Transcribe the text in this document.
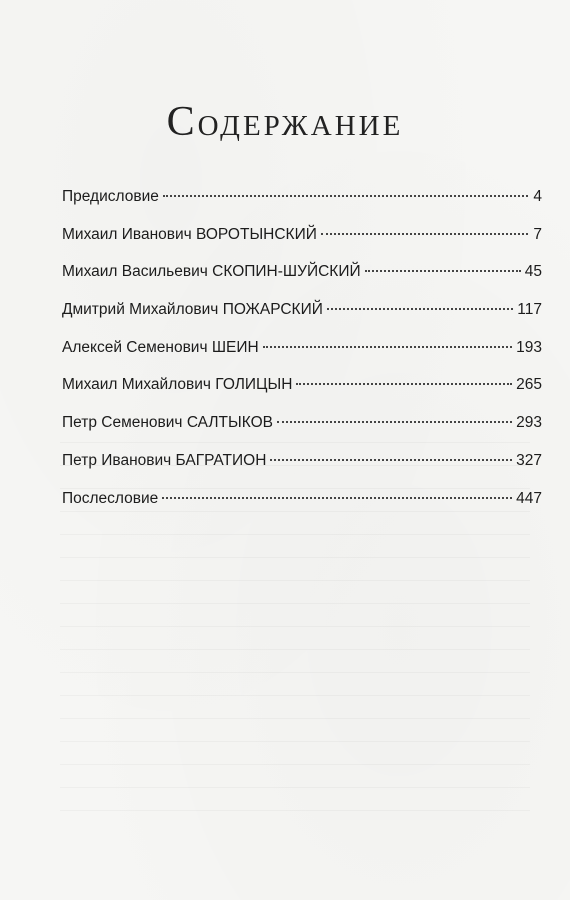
Содержание
Предисловие	4
Михаил Иванович ВОРОТЫНСКИЙ	7
Михаил Васильевич СКОПИН-ШУЙСКИЙ	45
Дмитрий Михайлович ПОЖАРСКИЙ	117
Алексей Семенович ШЕИН	193
Михаил Михайлович ГОЛИЦЫН	265
Петр Семенович САЛТЫКОВ	293
Петр Иванович БАГРАТИОН	327
Послесловие	447
